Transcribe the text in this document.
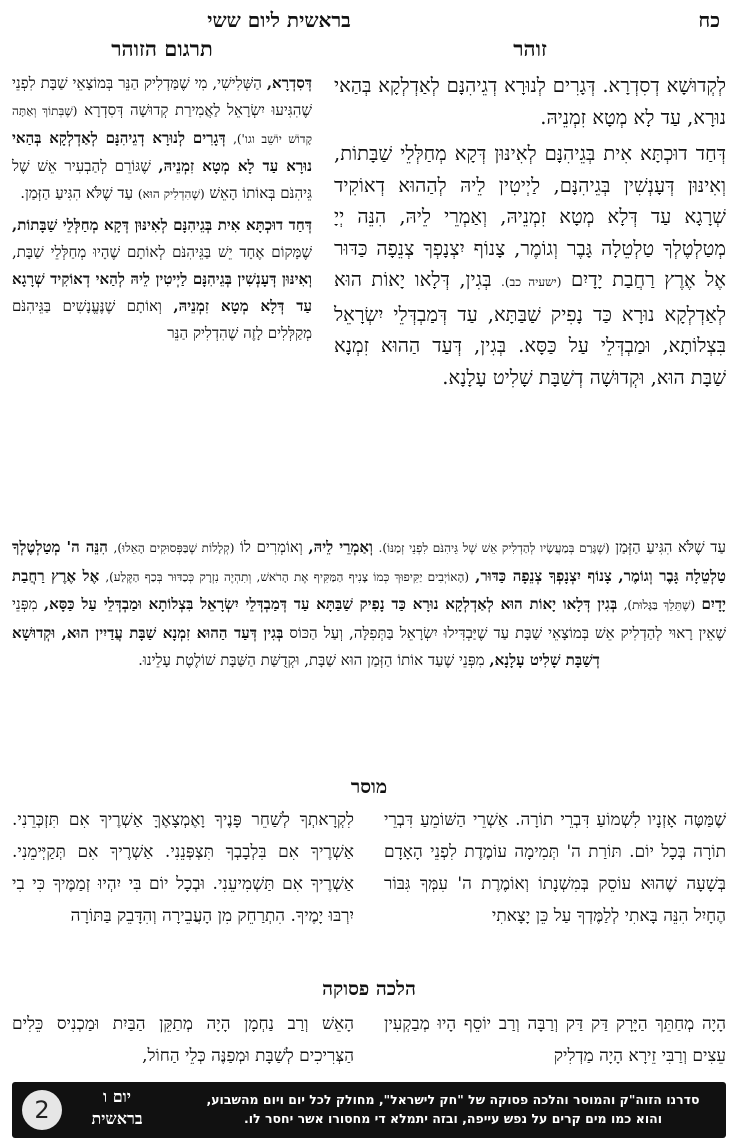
כח
בראשית ליום ששי
זוהר
תרגום הזוהר

לְקְדוּשָׁא דְסִדְרָא. דְּגָרִים לְנוּרָא דְגֵיהִנָּם לְאַדְלְקָא בְּהַאי נוּרָא, עַד לָא מְטָא זִמְנֵיהּ.

דְּחַד דוּכְתָּא אִית בְּגֵיהִנָּם לְאִינּוּן דְּקָא מְחַלְּלֵי שַׁבָּתוֹת, וְאִינּוּן דְּעָנְשִׁין בְּגֵיהִנָּם, לַיְיטִין לֵיהּ לְהַהוּא דְאוֹקִיד שְׁרָגָא עַד דְּלָא מְטָא זִמְנֵיהּ, וְאַמְרֵי לֵיהּ, הִנֵּה יְיָ מְטַלְטֶלְךָ טַלְטֵלָה גָּבֶר וְגוֹמֶר, צָנוֹף יִצְנָפְךָ צְנֵפָה כַּדּוּר אֶל אֶרֶץ רַחֲבַת יָדָיִם (ישעיה כב). בְּגִין, דְּלָאו יָאוֹת הוּא לְאַדְלְקָא נוּרָא כַּד נָפִיק שַׁבַּתָּא, עַד דְּמַבְדְּלֵי יִשְׂרָאֵל בִּצְלוֹתָא, וּמַבְדְּלֵי עַל כַּסָּא. בְּגִין, דְּעַד הַהוּא זִמְנָא שַׁבָּת הוּא, וּקְדוּשָׁה דְשַׁבָּת שָׁלִיט עָלָנָא.

דְּסִדְרָא, הַשְּׁלִישִׁי, מִי שֶׁמַּדְלִיק הַנֵּר בְּמוֹצָאֵי שַׁבָּת לִפְנֵי שֶׁהִגִּיעוּ יִשְׂרָאֵל לַאֲמִירַת קְדוּשָׁה דְּסִדְרָא (שֶׁבְּתוֹךְ וְאַתָּה קָדוֹשׁ יוֹשֵׁב וגו'), דְּגָרִים לְנוּרָא דְגֵיהִנָּם לְאַדְלְקָא בְּהַאי נוּרָא עַד לָא מְטָא זִמְנֵיהּ, שֶׁגּוֹרֵם לְהַבְעִיר אֵשׁ שֶׁל גֵּיהִנֹּם בְּאוֹתוֹ הָאֵשׁ (שֶׁהִדְלִיק הוּא) עַד שֶׁלֹּא הִגִּיעַ הַזְּמַן.

דְּחַד דוּכְתָּא אִית בְּגֵיהִנָּם לְאִינּוּן דְּקָא מְחַלְּלֵי שַׁבָּתוֹת, שֶׁמָּקוֹם אֶחָד יֵשׁ בַּגֵּיהִנֹּם לְאוֹתָם שֶׁהָיוּ מְחַלְּלֵי שַׁבָּת, וְאִינּוּן דְּעָנְשִׁין בְּגֵיהִנָּם לַיְיטִין לֵיהּ לְהַאי דְאוֹקִיד שְׁרָגָא עַד דְּלָא מְטָא זִמְנֵיהּ, וְאוֹתָם שֶׁנֶּעֱנָשִׁים בַּגֵּיהִנֹּם מְקַלְּלִים לָזֶה שֶׁהִדְלִיק הַנֵּר

עַד שֶׁלֹּא הִגִּיעַ הַזְּמַן (שֶׁגָּרַם בְּמַעֲשָׂיו לְהַדְלִיק אֵשׁ שֶׁל גֵּיהִנֹּם לִפְנֵי זְמַנּוֹ). וְאַמְרֵי לֵיהּ, וְאוֹמְרִים לוֹ (קְלָלוֹת שֶׁבַּפְּסוּקִים הָאֵלוּ), הִנֵּה ה' מְטַלְטֶלְךָ טַלְטֵלָה גָּבֶר וְגוֹמֶר, צָנוֹף יִצְנָפְךָ צְנֵפָה כַּדּוּר, (הָאוֹיְבִים יַקִּיפוּךְ כְּמוֹ צָנִיף הַמַּקִּיף אֶת הָרֹאשׁ, וְתִהְיֶה נִזְרָק כְּכַדּוּר בְּכַף הַקֶּלַע), אֶל אֶרֶץ רַחֲבַת יָדָיִם (שֶׁתֵּלֵךְ בַּגָּלוּת), בְּגִין דְּלָאו יָאוֹת הוּא לְאַדְלְקָא נוּרָא כַּד נָפִיק שַׁבַּתָּא עַד דְּמַבְדְּלֵי יִשְׂרָאֵל בִּצְלוֹתָא וּמַבְדְּלֵי עַל כַּסָּא, מִפְּנֵי שֶׁאֵין רָאוּי לְהַדְלִיק אֵשׁ בְּמוֹצָאֵי שַׁבָּת עַד שֶׁיַּבְדִּילוּ יִשְׂרָאֵל בַּתְּפִלָּה, וְעַל הַכּוֹס בְּגִין דְּעַד הַהוּא זִמְנָא שַׁבָּת עֲדַיִין הוּא, וּקְדוּשָׁא דְשַׁבָּת שָׁלִיט עָלָנָא, מִפְּנֵי שֶׁעַד אוֹתוֹ הַזְּמַן הוּא שַׁבָּת, וּקְדֻשַּׁת הַשַּׁבָּת שׁוֹלֶטֶת עָלֵינוּ.
מוסר
שֶׁמַּטֶּה אָזְנָיו לִשְׁמוֹעַ דִּבְרֵי תוֹרָה. אַשְׁרֵי הַשּׁוֹמֵעַ דִּבְרֵי תוֹרָה בְּכָל יוֹם. תּוֹרַת ה' תְּמִימָה עוֹמֶדֶת לִפְנֵי הָאָדָם בְּשָׁעָה שֶׁהוּא עוֹסֵק בְּמִשְׁנָתוֹ וְאוֹמֶרֶת ה' עִמְּךָ גִּבּוֹר הֶחָיִל הִנֵּה בָּאתִי לְלַמֶּדְךָ עַל כֵּן יָצָאתִי
לִקְרָאתְךָ לְשַׁחֵר פָּנֶיךָ וָאֶמְצָאֶךָּ אַשְׁרֶיךָ אִם תִּזְכְּרֵנִי. אַשְׁרֶיךָ אִם בִּלְבָבְךָ תִּצְפְּנֵנִי. אַשְׁרֶיךָ אִם תְּקַיְּימֵנִי. אַשְׁרֶיךָ אִם תַּשְׁמִיעֵנִי. וּבְכָל יוֹם בִּי יִהְיוּ זְמַמֶּיךָ כִּי בִי יִרְבּוּ יָמֶיךָ. הִתְרַחֵק מִן הָעֲבֵירָה וְהִדָּבֵק בַּתּוֹרָה
הלכה פסוקה
הָיָה מְחַתֵּךְ הַיָּרָק דַּק דַּק וְרַבָּה וְרַב יוֹסֵף הָיוּ מְבַקְעִין עֵצִים וְרַבִּי זֵירָא הָיָה מַדְלִיק
הָאֵשׁ וְרַב נַחְמָן הָיָה מְתַקֵּן הַבַּיִת וּמַכְנִיס כֵּלִים הַצְּרִיכִים לְשַׁבָּת וּמְפַנֶּה כְּלֵי הַחוֹל,
סדרנו הזוה"ק והמוסר והלכה פסוקה של "חק לישראל", מחולק לכל יום ויום מהשבוע,
והוא כמו מים קרים על נפש עייפה, ובזה יתמלא די מחסורו אשר יחסר לו.
יום ו
בראשית
2
